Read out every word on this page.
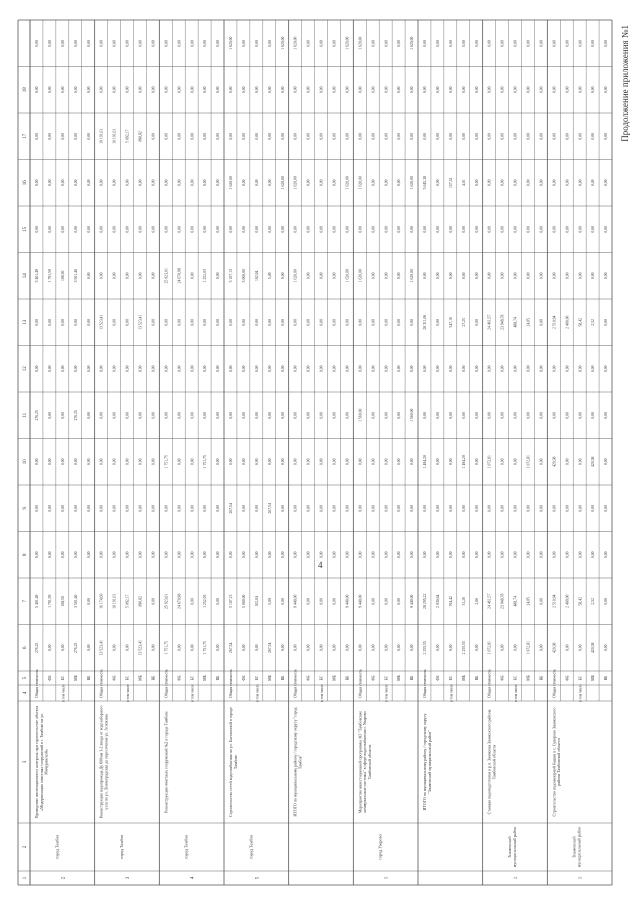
4
Продолжение приложения №1
1
2
3
4
5
6
7
8
9
10
11
12
13
14
15
16
17
18
2
город Тамбов
Проведение инспекционного контроля при строительстве объекта «Модернизация очистных сооружений в г. Тамбове на ул. Мичуринской»
в том числе
Общая стоимость
276,25
5 401,49
0,00
0,00
0,00
276,25
0,00
0,00
5 401,49
0,00
0,00
0,00
0,00
0,00
ФБ
0,00
1 791,59
0,00
0,00
0,00
0,00
0,00
0,00
1 791,59
0,00
0,00
0,00
0,00
0,00
БС
0,00
108,50
0,00
0,00
0,00
0,00
0,00
0,00
108,50
0,00
0,00
0,00
0,00
0,00
МБ
276,25
3 501,40
0,00
0,00
0,00
276,25
0,00
0,00
3 501,40
0,00
0,00
0,00
0,00
0,00
ВБ
0,00
0,00
0,00
0,00
0,00
0,00
0,00
0,00
0,00
0,00
0,00
0,00
0,00
0,00
3
город Тамбов
Реконструкция водопровода Ду 600мм 1-2 ввода от водозаборного узла по ул. Ленинградская до пересечения ул. Агапкина
в том числе
Общая стоимость
13 523,41
16 174,60
0,00
0,00
0,00
0,00
0,00
13 523,41
0,00
0,00
0,00
10 191,61
0,00
0,00
ФБ
0,00
10 191,61
0,00
0,00
0,00
0,00
0,00
0,00
0,00
0,00
0,00
10 191,61
0,00
0,00
БС
0,00
5 092,17
0,00
0,00
0,00
0,00
0,00
0,00
0,00
0,00
0,00
5 092,17
0,00
0,00
МБ
13 523,41
890,82
0,00
0,00
0,00
0,00
0,00
13 523,41
0,00
0,00
0,00
890,82
0,00
0,00
ВБ
0,00
0,00
0,00
0,00
0,00
0,00
0,00
0,00
0,00
0,00
0,00
0,00
0,00
0,00
4
город Тамбов
Реконструкция очистных сооружений №2 в городе Тамбове
в том числе
Общая стоимость
1 751,75
25 923,01
0,00
0,00
1 751,75
0,00
0,00
0,00
25 923,01
0,00
0,00
0,00
0,00
0,00
ФБ
0,00
24 670,98
0,00
0,00
0,00
0,00
0,00
0,00
24 670,98
0,00
0,00
0,00
0,00
0,00
БС
0,00
0,00
0,00
0,00
0,00
0,00
0,00
0,00
0,00
0,00
0,00
0,00
0,00
0,00
МБ
1 751,75
1 252,03
0,00
0,00
1 751,75
0,00
0,00
0,00
1 252,03
0,00
0,00
0,00
0,00
0,00
ВБ
0,00
0,00
0,00
0,00
0,00
0,00
0,00
0,00
0,00
0,00
0,00
0,00
0,00
0,00
5
город Тамбов
Строительство сетей водоснабжения по ул. Бастионной в городе Тамбове
в том числе
Общая стоимость
267,54
5 107,13
0,00
267,54
0,00
0,00
0,00
0,00
5 107,13
0,00
1 620,00
0,00
0,00
1 620,00
ФБ
0,00
5 000,00
0,00
0,00
0,00
0,00
0,00
0,00
5 000,00
0,00
0,00
0,00
0,00
0,00
БС
0,00
102,04
0,00
0,00
0,00
0,00
0,00
0,00
102,04
0,00
0,00
0,00
0,00
0,00
МБ
267,54
5,09
0,00
267,54
0,00
0,00
0,00
0,00
5,09
0,00
0,00
0,00
0,00
0,00
ВБ
0,00
0,00
0,00
0,00
0,00
0,00
0,00
0,00
0,00
0,00
1 620,00
0,00
0,00
1 620,00
ИТОГО по муниципальному району / городскому округу "город Тамбов"
в том числе
Общая стоимость
0,00
9 440,00
0,00
0,00
0,00
0,00
0,00
0,00
1 620,00
0,00
1 620,00
0,00
0,00
1 620,00
ФБ
0,00
0,00
0,00
0,00
0,00
0,00
0,00
0,00
0,00
0,00
0,00
0,00
0,00
0,00
БС
0,00
0,00
0,00
0,00
0,00
0,00
0,00
0,00
0,00
0,00
0,00
0,00
0,00
0,00
МБ
0,00
0,00
0,00
0,00
0,00
0,00
0,00
0,00
0,00
0,00
0,00
0,00
0,00
0,00
ВБ
0,00
9 440,00
0,00
0,00
0,00
0,00
0,00
0,00
1 620,00
0,00
1 620,00
0,00
0,00
1 620,00
1
город Уварово
Мероприятия инвестиционной программы АО "Тамбовские коммунальные системы" в сфере водоснабжения г. Уварово Тамбовской области
в том числе
Общая стоимость
0,00
9 440,00
0,00
0,00
0,00
1 560,00
0,00
0,00
1 620,00
0,00
1 620,00
0,00
0,00
1 620,00
ФБ
0,00
0,00
0,00
0,00
0,00
0,00
0,00
0,00
0,00
0,00
0,00
0,00
0,00
0,00
БС
0,00
0,00
0,00
0,00
0,00
0,00
0,00
0,00
0,00
0,00
0,00
0,00
0,00
0,00
МБ
0,00
0,00
0,00
0,00
0,00
0,00
0,00
0,00
0,00
0,00
0,00
0,00
0,00
0,00
ВБ
0,00
9 440,00
0,00
0,00
0,00
1 560,00
0,00
0,00
1 620,00
0,00
1 620,00
0,00
0,00
1 620,00
ИТОГО по муниципальному району / городскому округу "Знаменский муниципальный район"
в том числе
Общая стоимость
2 255,55
28 295,22
0,00
0,00
1 494,20
0,00
0,00
28 311,06
0,00
0,00
5 645,38
0,00
0,00
0,00
ФБ
0,00
2 030,64
0,00
0,00
0,00
0,00
0,00
0,00
0,00
0,00
0,00
0,00
0,00
0,00
БС
0,00
704,42
0,00
0,00
0,00
0,00
0,00
547,16
0,00
0,00
157,32
0,00
0,00
0,00
МБ
2 255,55
31,26
0,00
0,00
1 494,20
0,00
0,00
27,25
0,00
0,00
4,01
0,00
0,00
0,00
ВБ
0,00
2,06
0,00
0,00
0,00
0,00
0,00
0,00
0,00
0,00
0,00
0,00
0,00
0,00
1
Знаменский муниципальный район
Станция водоподготовки в р.п. Знаменка Знаменского района Тамбовской области
в том числе
Общая стоимость
1 072,81
24 461,57
0,00
0,00
1 072,81
0,00
0,00
24 461,57
0,00
0,00
0,00
0,00
0,00
0,00
ФБ
0,00
23 948,78
0,00
0,00
0,00
0,00
0,00
23 948,78
0,00
0,00
0,00
0,00
0,00
0,00
БС
0,00
488,74
0,00
0,00
0,00
0,00
0,00
488,74
0,00
0,00
0,00
0,00
0,00
0,00
МБ
1 072,81
24,05
0,00
0,00
1 072,81
0,00
0,00
24,05
0,00
0,00
0,00
0,00
0,00
0,00
ВБ
0,00
0,00
0,00
0,00
0,00
0,00
0,00
0,00
0,00
0,00
0,00
0,00
0,00
0,00
1
Знаменский муниципальный район
Строительство водонапорной башни в с. Суворово Знаменского района Тамбовской области
в том числе
Общая стоимость
420,38
2 510,94
0,00
0,00
420,38
0,00
0,00
2 510,94
0,00
0,00
0,00
0,00
0,00
0,00
ФБ
0,00
2 400,00
0,00
0,00
0,00
0,00
0,00
2 400,00
0,00
0,00
0,00
0,00
0,00
0,00
БС
0,00
58,42
0,00
0,00
0,00
0,00
0,00
58,42
0,00
0,00
0,00
0,00
0,00
0,00
МБ
420,38
2,52
0,00
0,00
420,38
0,00
0,00
2,52
0,00
0,00
0,00
0,00
0,00
0,00
ВБ
0,00
0,00
0,00
0,00
0,00
0,00
0,00
0,00
0,00
0,00
0,00
0,00
0,00
0,00
